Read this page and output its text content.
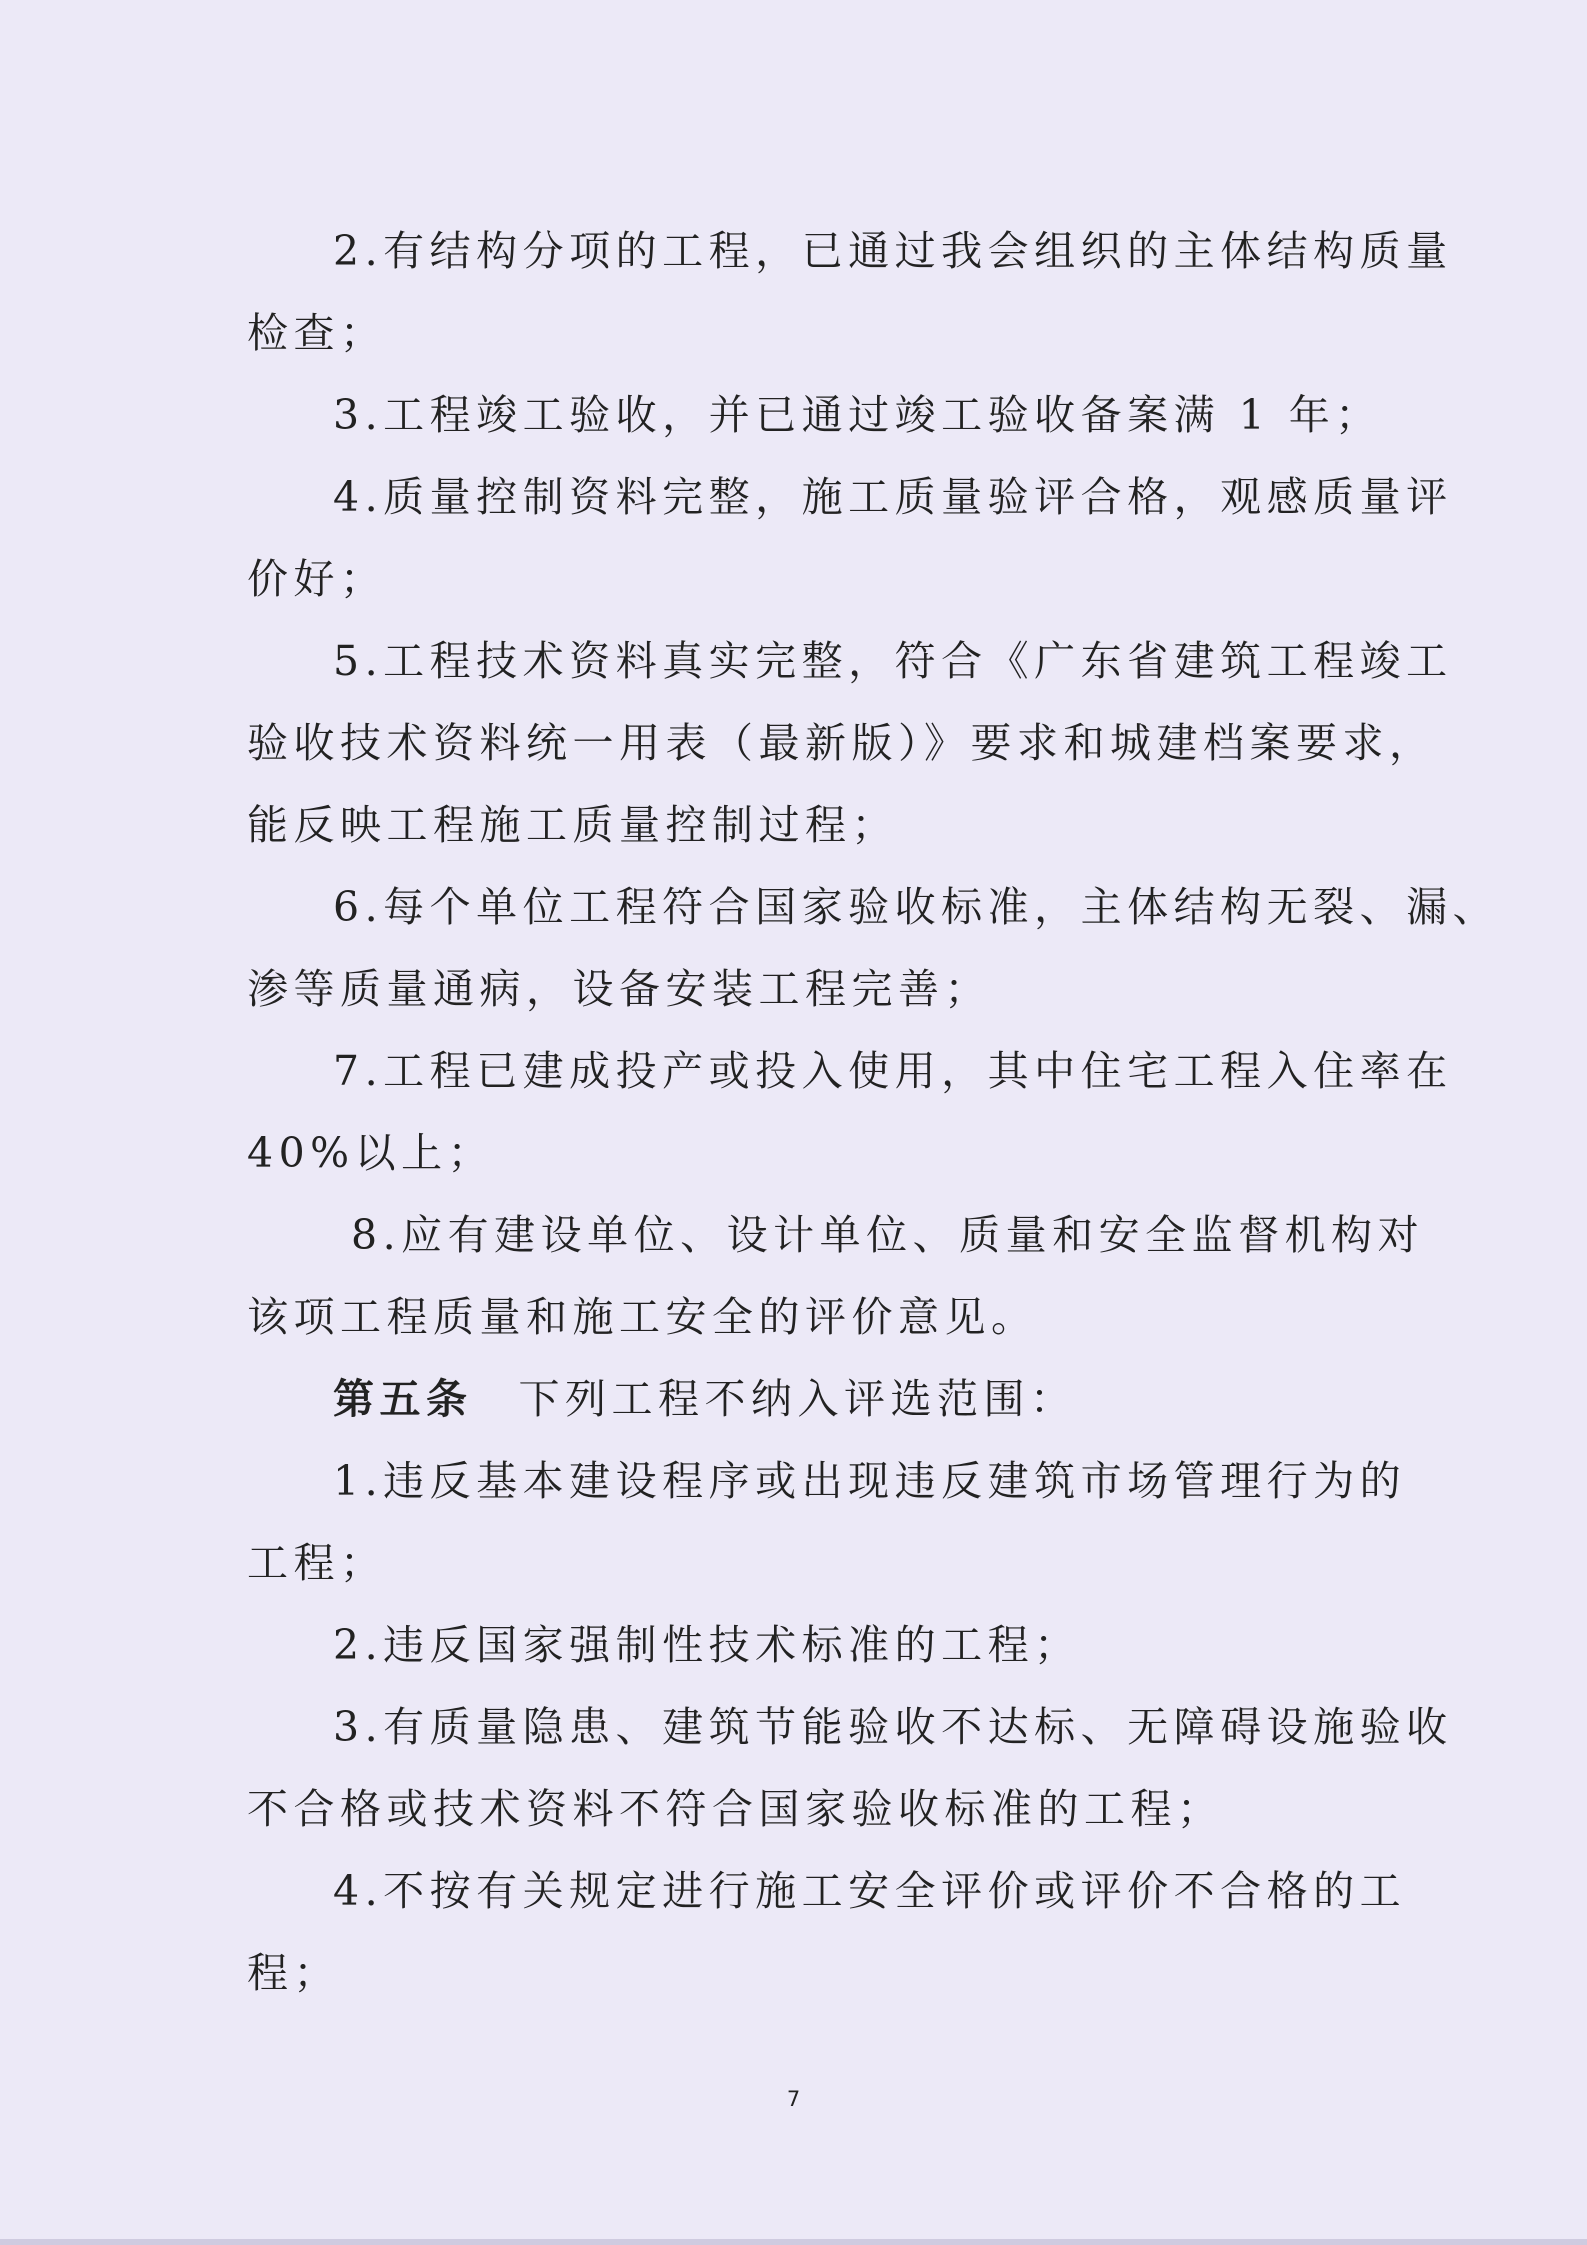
2.有结构分项的工程，已通过我会组织的主体结构质量
检查；
3.工程竣工验收，并已通过竣工验收备案满 1 年；
4.质量控制资料完整，施工质量验评合格，观感质量评
价好；
5.工程技术资料真实完整，符合《广东省建筑工程竣工
验收技术资料统一用表（最新版）》要求和城建档案要求，
能反映工程施工质量控制过程；
6.每个单位工程符合国家验收标准，主体结构无裂、漏、
渗等质量通病，设备安装工程完善；
7.工程已建成投产或投入使用，其中住宅工程入住率在
40%以上；
8.应有建设单位、设计单位、质量和安全监督机构对
该项工程质量和施工安全的评价意见。
第五条 下列工程不纳入评选范围：
1.违反基本建设程序或出现违反建筑市场管理行为的
工程；
2.违反国家强制性技术标准的工程；
3.有质量隐患、建筑节能验收不达标、无障碍设施验收
不合格或技术资料不符合国家验收标准的工程；
4.不按有关规定进行施工安全评价或评价不合格的工
程；
7
